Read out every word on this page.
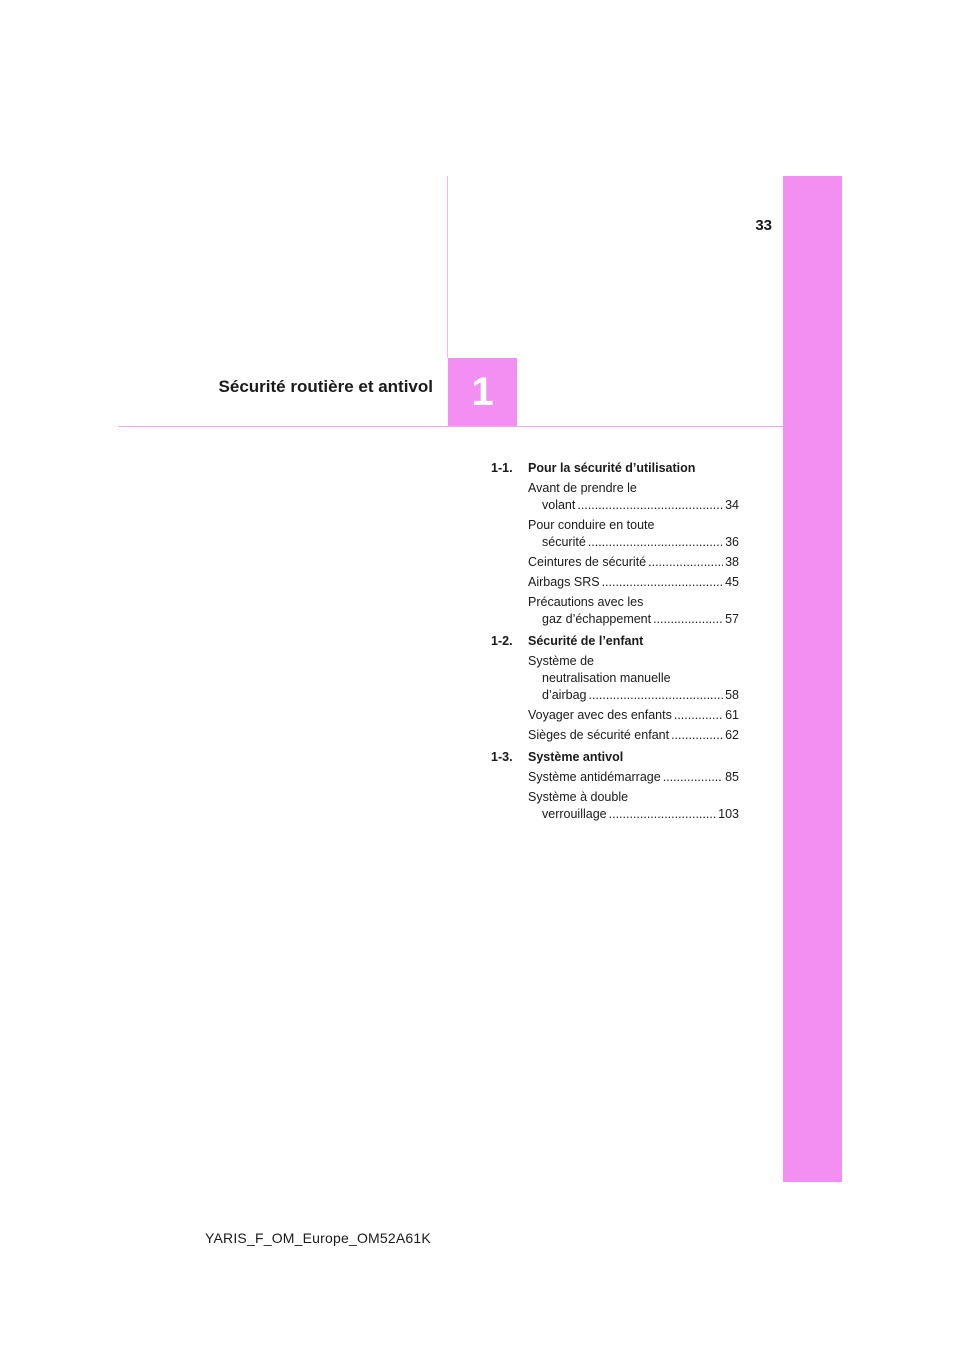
33
Sécurité routière et antivol 1
1-1.	Pour la sécurité d’utilisation
Avant de prendre le
volant .....	34
Pour conduire en toute
sécurité .....	36
Ceintures de sécurité .....	38
Airbags SRS .....	45
Précautions avec les
gaz d’échappement .....	57
1-2.	Sécurité de l’enfant
Système de
neutralisation manuelle
d’airbag .....	58
Voyager avec des enfants .....	61
Sièges de sécurité enfant .....	62
1-3.	Système antivol
Système antidémarrage .....	85
Système à double
verrouillage .....	103
YARIS_F_OM_Europe_OM52A61K
